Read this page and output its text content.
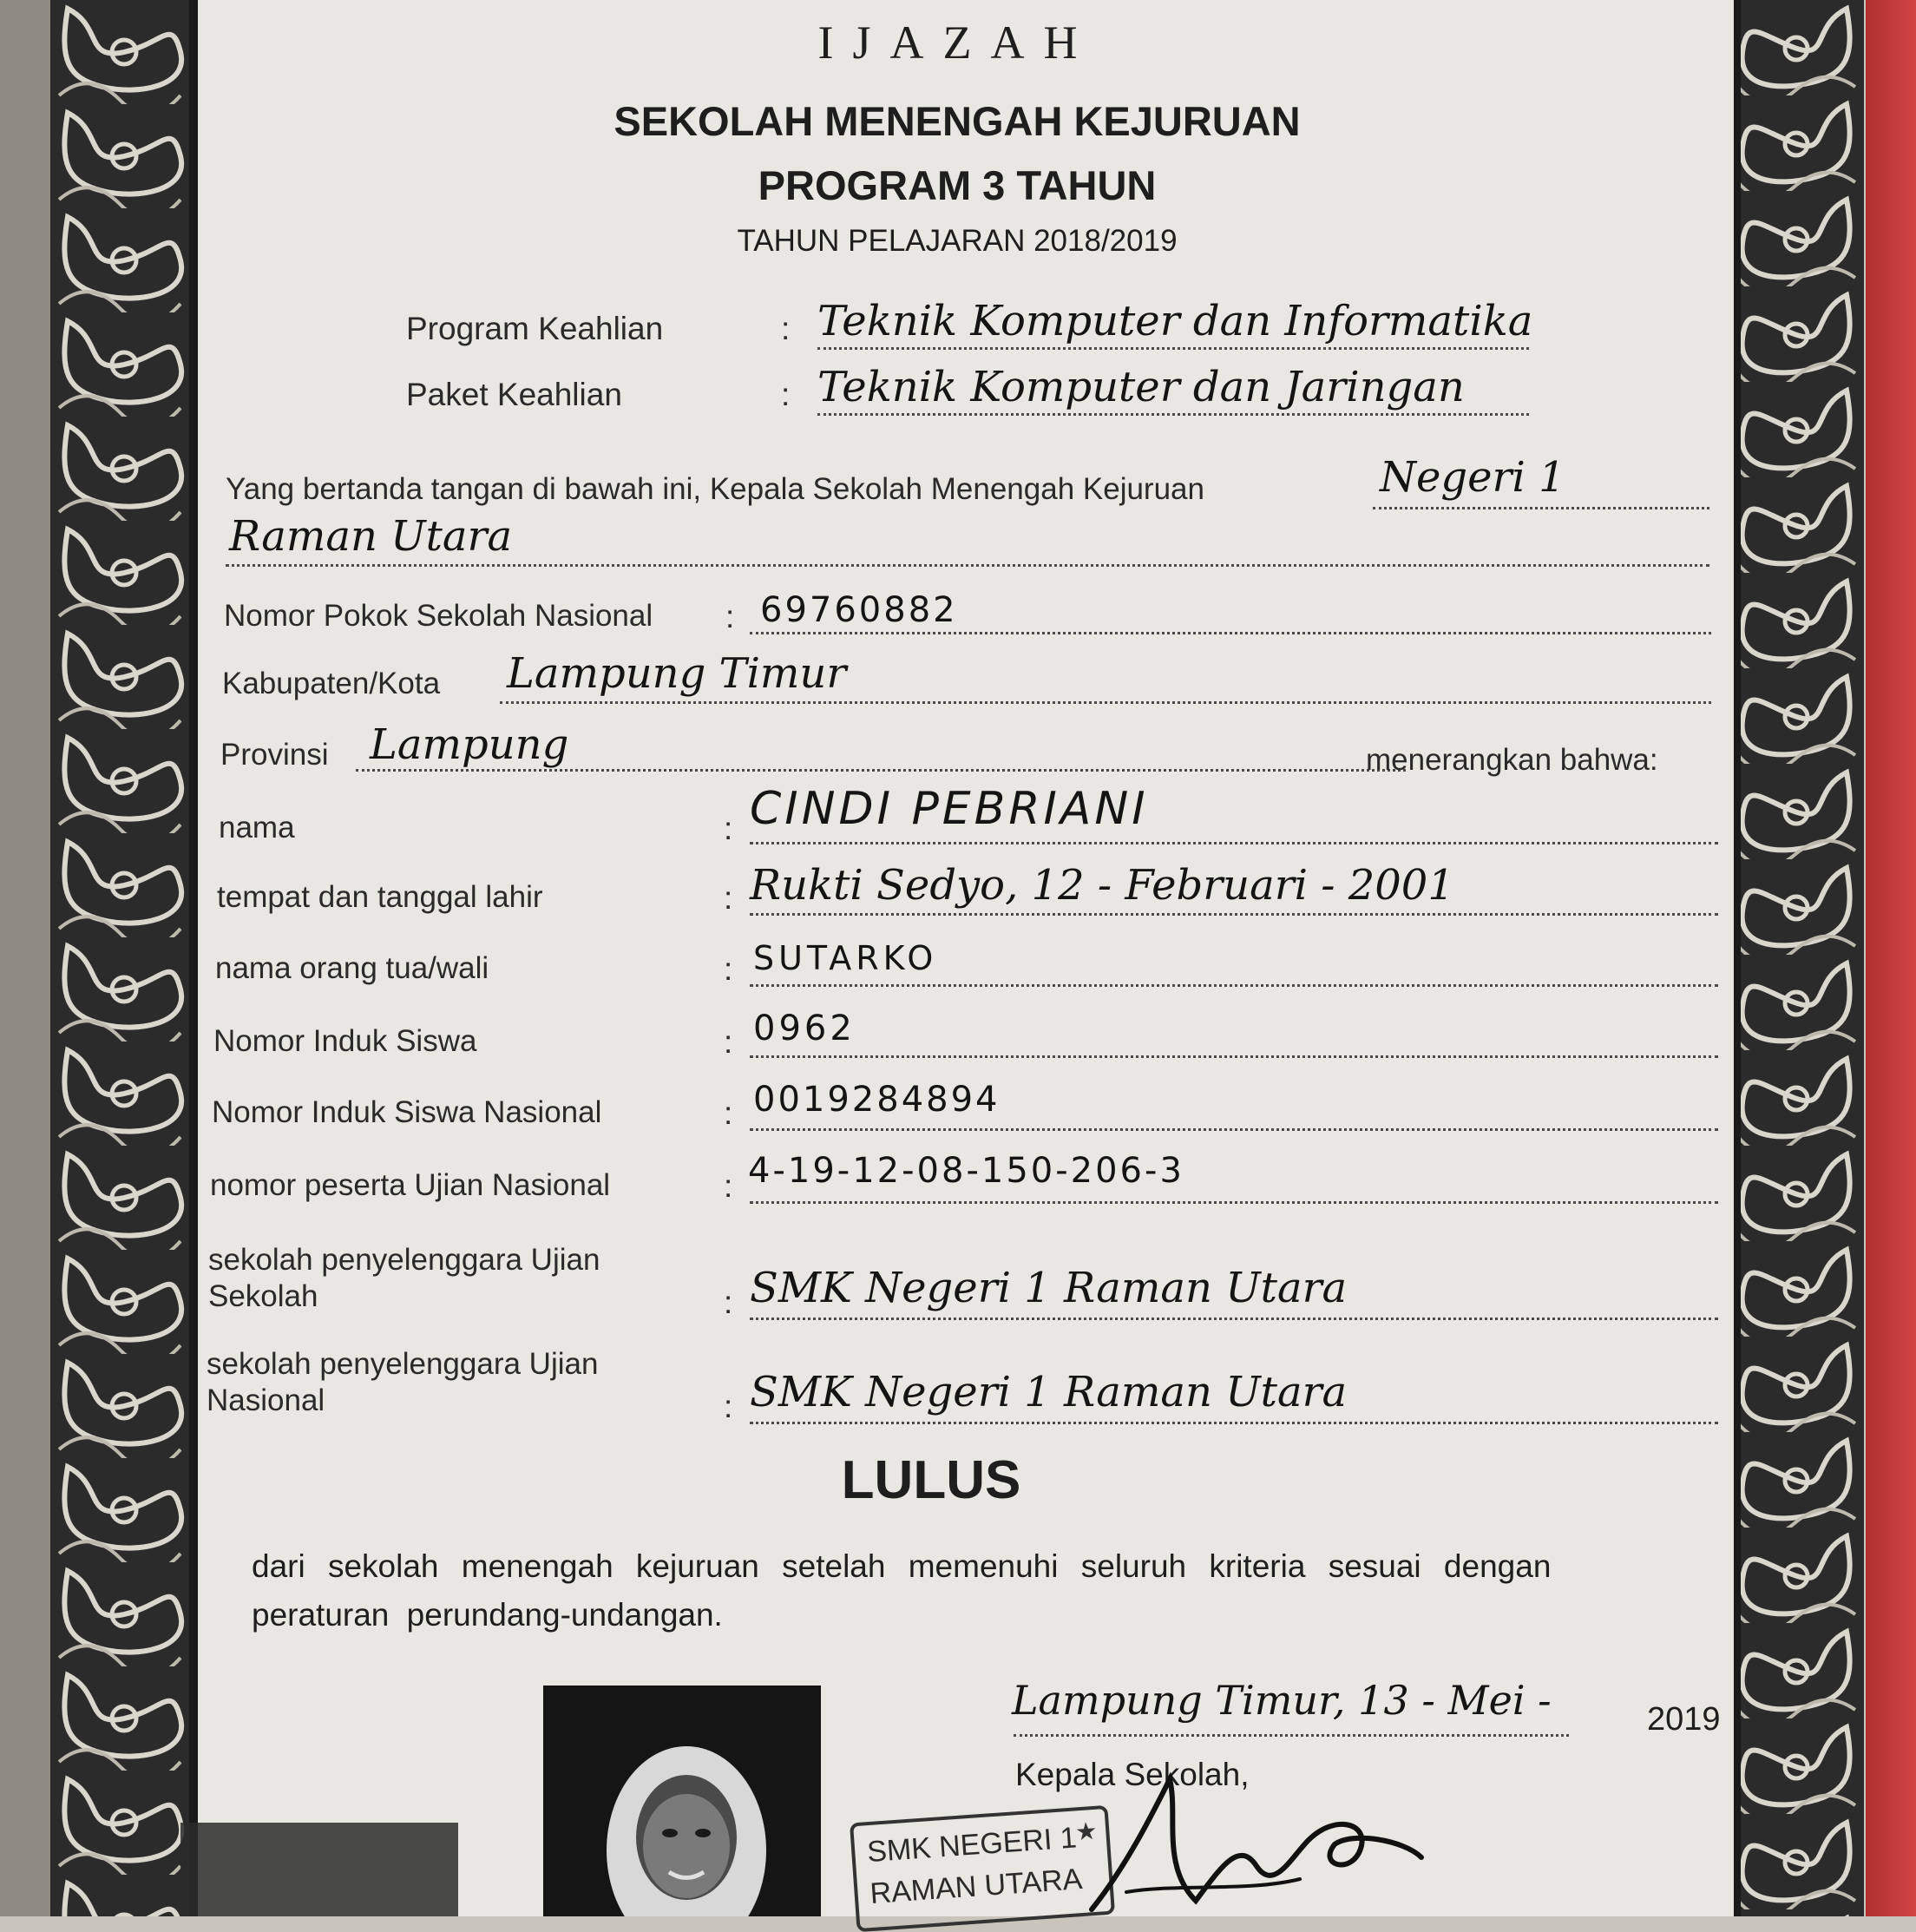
IJAZAH
SEKOLAH MENENGAH KEJURUAN
PROGRAM 3 TAHUN
TAHUN PELAJARAN 2018/2019
Program Keahlian	: Teknik Komputer dan Informatika
Paket Keahlian	: Teknik Komputer dan Jaringan
Yang bertanda tangan di bawah ini, Kepala Sekolah Menengah Kejuruan	Negeri 1
Raman Utara
Nomor Pokok Sekolah Nasional : 69760882
Kabupaten/Kota Lampung Timur
Provinsi Lampung	menerangkan bahwa:
nama	: CINDI PEBRIANI
tempat dan tanggal lahir	: Rukti Sedyo, 12 - Februari - 2001
nama orang tua/wali	: SUTARKO
Nomor Induk Siswa	: 0962
Nomor Induk Siswa Nasional	: 0019284894
nomor peserta Ujian Nasional	: 4-19-12-08-150-206-3
sekolah penyelenggara Ujian
Sekolah	: SMK Negeri 1 Raman Utara
sekolah penyelenggara Ujian
Nasional	: SMK Negeri 1 Raman Utara
LULUS
dari sekolah menengah kejuruan setelah memenuhi seluruh kriteria sesuai dengan
peraturan perundang-undangan.
Lampung Timur, 13 - Mei -	2019
Kepala Sekolah,
SMK NEGERI 1
RAMAN UTARA
★
